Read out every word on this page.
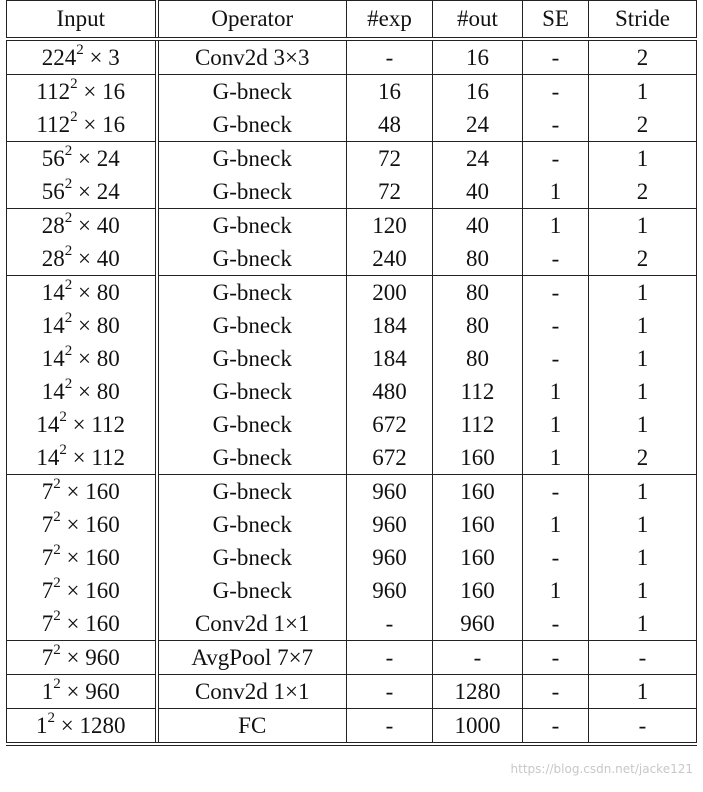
Input	Operator	#exp	#out	SE	Stride
$224^2 \times 3$	Conv2d 3×3	-	16	-	2
$112^2 \times 16$	G-bneck	16	16	-	1
$112^2 \times 16$	G-bneck	48	24	-	2
$56^2 \times 24$	G-bneck	72	24	-	1
$56^2 \times 24$	G-bneck	72	40	1	2
$28^2 \times 40$	G-bneck	120	40	1	1
$28^2 \times 40$	G-bneck	240	80	-	2
$14^2 \times 80$	G-bneck	200	80	-	1
$14^2 \times 80$	G-bneck	184	80	-	1
$14^2 \times 80$	G-bneck	184	80	-	1
$14^2 \times 80$	G-bneck	480	112	1	1
$14^2 \times 112$	G-bneck	672	112	1	1
$14^2 \times 112$	G-bneck	672	160	1	2
$7^2 \times 160$	G-bneck	960	160	-	1
$7^2 \times 160$	G-bneck	960	160	1	1
$7^2 \times 160$	G-bneck	960	160	-	1
$7^2 \times 160$	G-bneck	960	160	1	1
$7^2 \times 160$	Conv2d 1×1	-	960	-	1
$7^2 \times 960$	AvgPool 7×7	-	-	-	-
$1^2 \times 960$	Conv2d 1×1	-	1280	-	1
$1^2 \times 1280$	FC	-	1000	-	-
https://blog.csdn.net/jacke121
